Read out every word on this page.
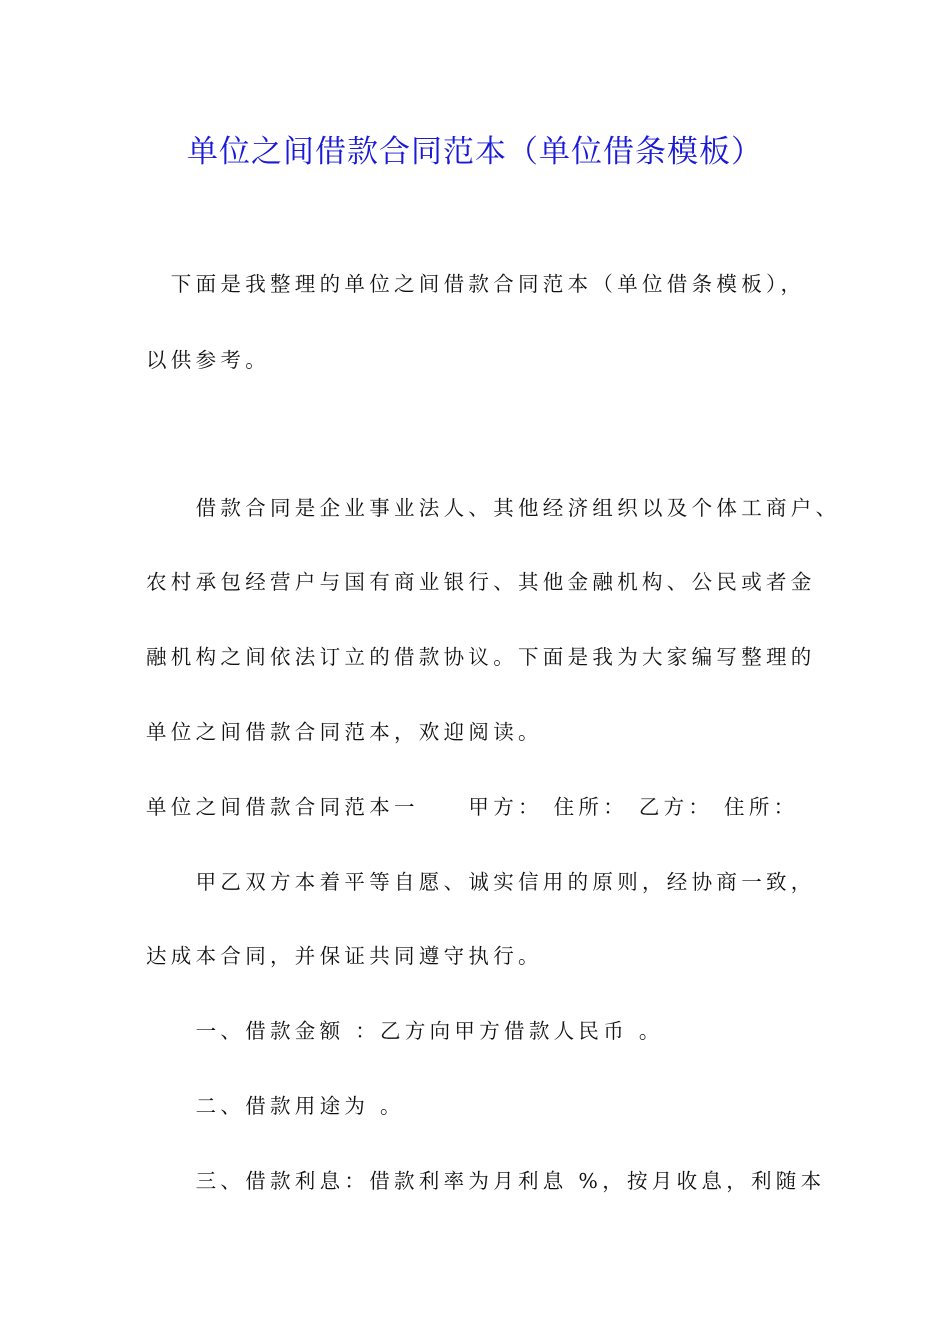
单位之间借款合同范本（单位借条模板）
　下面是我整理的单位之间借款合同范本（单位借条模板），
以供参考。
　　借款合同是企业事业法人、其他经济组织以及个体工商户、
农村承包经营户与国有商业银行、其他金融机构、公民或者金
融机构之间依法订立的借款协议。下面是我为大家编写整理的
单位之间借款合同范本，欢迎阅读。
单位之间借款合同范本一　　甲方： 住所： 乙方： 住所：
　　甲乙双方本着平等自愿、诚实信用的原则，经协商一致，
达成本合同，并保证共同遵守执行。
　　一、借款金额 ：乙方向甲方借款人民币 。
　　二、借款用途为 。
　　三、借款利息：借款利率为月利息 %，按月收息，利随本
